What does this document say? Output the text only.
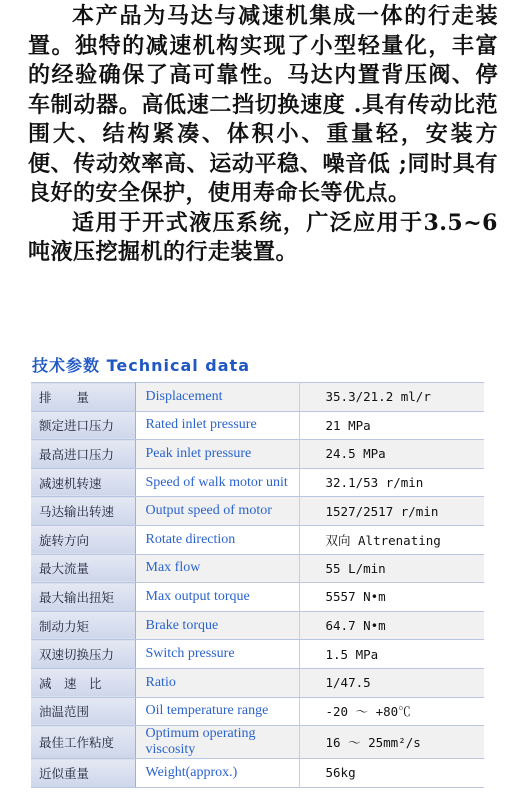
本产品为马达与减速机集成一体的行走装置。独特的减速机构实现了小型轻量化，丰富的经验确保了高可靠性。马达内置背压阀、停车制动器。高低速二挡切换速度 .具有传动比范围大、结构紧凑、体积小、重量轻，安装方便、传动效率高、运动平稳、噪音低 ;同时具有良好的安全保护，使用寿命长等优点。

适用于开式液压系统，广泛应用于3.5~6吨液压挖掘机的行走装置。

技术参数 Technical data
排　　量	Displacement	35.3/21.2 ml/r
额定进口压力	Rated inlet pressure	21 MPa
最高进口压力	Peak inlet pressure	24.5 MPa
减速机转速	Speed of walk motor unit	32.1/53 r/min
马达输出转速	Output speed of motor	1527/2517 r/min
旋转方向	Rotate direction	双向 Altrenating
最大流量	Max flow	55 L/min
最大输出扭矩	Max output torque	5557 N•m
制动力矩	Brake torque	64.7 N•m
双速切换压力	Switch pressure	1.5 MPa
减　速　比	Ratio	1/47.5
油温范围	Oil temperature range	-20 ～ +80℃
最佳工作粘度	Optimum operating viscosity	16 ～ 25mm²/s
近似重量	Weight(approx.)	56kg
